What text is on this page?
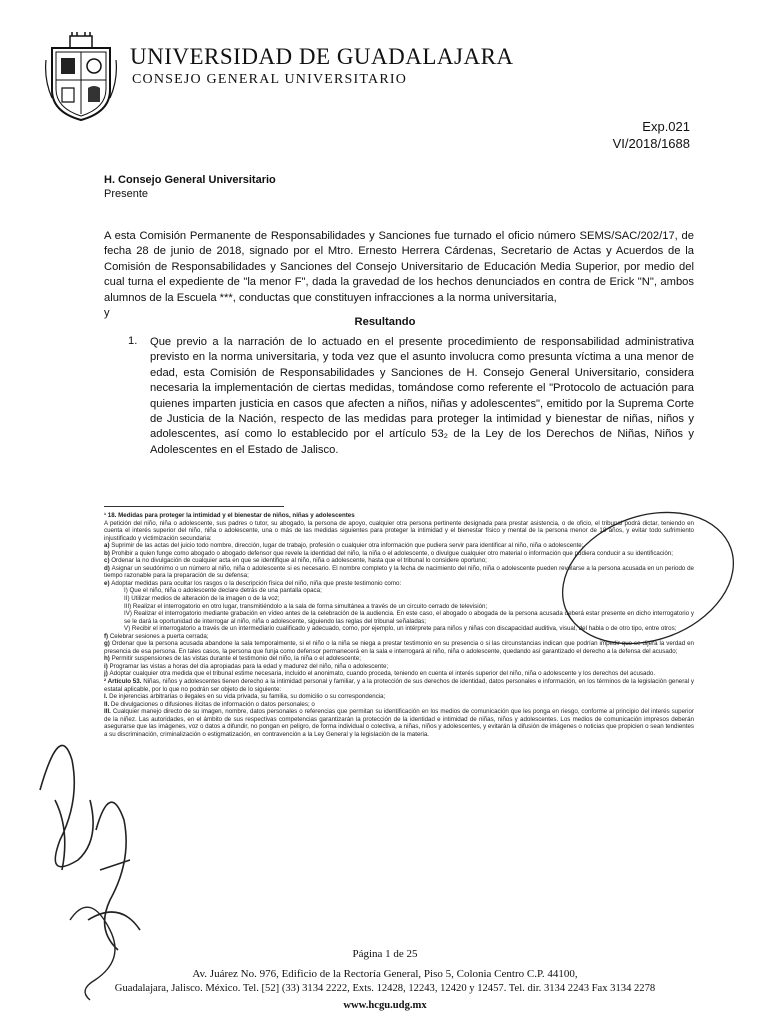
UNIVERSIDAD DE GUADALAJARA
CONSEJO GENERAL UNIVERSITARIO
Exp.021
VI/2018/1688
H. Consejo General Universitario
Presente
A esta Comisión Permanente de Responsabilidades y Sanciones fue turnado el oficio número SEMS/SAC/202/17, de fecha 28 de junio de 2018, signado por el Mtro. Ernesto Herrera Cárdenas, Secretario de Actas y Acuerdos de la Comisión de Responsabilidades y Sanciones del Consejo Universitario de Educación Media Superior, por medio del cual turna el expediente de "la menor F", dada la gravedad de los hechos denunciados en contra de Erick "N", ambos alumnos de la Escuela ***, conductas que constituyen infracciones a la norma universitaria,
y
Resultando
1. Que previo a la narración de lo actuado en el presente procedimiento de responsabilidad administrativa previsto en la norma universitaria, y toda vez que el asunto involucra como presunta víctima a una menor de edad, esta Comisión de Responsabilidades y Sanciones de H. Consejo General Universitario, considera necesaria la implementación de ciertas medidas, tomándose como referente el "Protocolo de actuación para quienes imparten justicia en casos que afecten a niños, niñas y adolescentes", emitido por la Suprema Corte de Justicia de la Nación, respecto de las medidas para proteger la intimidad y bienestar de niñas, niños y adolescentes, así como lo establecido por el artículo 53₂ de la Ley de los Derechos de Niñas, Niños y Adolescentes en el Estado de Jalisco.

¹ 18. Medidas para proteger la intimidad y el bienestar de niños, niñas y adolescentes

A petición del niño, niña o adolescente, sus padres o tutor, su abogado, la persona de apoyo, cualquier otra persona pertinente designada para prestar asistencia, o de oficio, el tribunal podrá dictar, teniendo en cuenta el interés superior del niño, niña o adolescente, una o más de las medidas siguientes para proteger la intimidad y el bienestar físico y mental de la persona menor de 18 años, y evitar todo sufrimiento injustificado y victimización secundaria:

a) Suprimir de las actas del juicio todo nombre, dirección, lugar de trabajo, profesión o cualquier otra información que pudiera servir para identificar al niño, niña o adolescente;

b) Prohibir a quien funge como abogado o abogado defensor que revele la identidad del niño, la niña o el adolescente, o divulgue cualquier otro material o información que pudiera conducir a su identificación;

c) Ordenar la no divulgación de cualquier acta en que se identifique al niño, niña o adolescente, hasta que el tribunal lo considere oportuno;

d) Asignar un seudónimo o un número al niño, niña o adolescente si es necesario. El nombre completo y la fecha de nacimiento del niño, niña o adolescente pueden revelarse a la persona acusada en un periodo de tiempo razonable para la preparación de su defensa;

e) Adoptar medidas para ocultar los rasgos o la descripción física del niño, niña que preste testimonio como:

I) Que el niño, niña o adolescente declare detrás de una pantalla opaca;

II) Utilizar medios de alteración de la imagen o de la voz;

III) Realizar el interrogatorio en otro lugar, transmitiéndolo a la sala de forma simultánea a través de un circuito cerrado de televisión;

IV) Realizar el interrogatorio mediante grabación en vídeo antes de la celebración de la audiencia. En este caso, el abogado o abogada de la persona acusada deberá estar presente en dicho interrogatorio y se le dará la oportunidad de interrogar al niño, niña o adolescente, siguiendo las reglas del tribunal señaladas;

V) Recibir el interrogatorio a través de un intermediario cualificado y adecuado, como, por ejemplo, un intérprete para niños y niñas con discapacidad auditiva, visual, del habla o de otro tipo, entre otros;

f) Celebrar sesiones a puerta cerrada;

g) Ordenar que la persona acusada abandone la sala temporalmente, si el niño o la niña se niega a prestar testimonio en su presencia o si las circunstancias indican que podrían impedir que se dijera la verdad en presencia de esa persona. En tales casos, la persona que funja como defensor permanecerá en la sala e interrogará al niño, niña o adolescente, quedando así garantizado el derecho a la defensa del acusado;

h) Permitir suspensiones de las vistas durante el testimonio del niño, la niña o el adolescente;

i) Programar las vistas a horas del día apropiadas para la edad y madurez del niño, niña o adolescente;

j) Adoptar cualquier otra medida que el tribunal estime necesaria, incluido el anonimato, cuando proceda, teniendo en cuenta el interés superior del niño, niña o adolescente y los derechos del acusado.

² Artículo 53. Niñas, niños y adolescentes tienen derecho a la intimidad personal y familiar, y a la protección de sus derechos de identidad, datos personales e información, en los términos de la legislación general y estatal aplicable, por lo que no podrán ser objeto de lo siguiente:

I. De injerencias arbitrarias o ilegales en su vida privada, su familia, su domicilio o su correspondencia;

II. De divulgaciones o difusiones ilícitas de información o datos personales; o

III. Cualquier manejo directo de su imagen, nombre, datos personales o referencias que permitan su identificación en los medios de comunicación que les ponga en riesgo, conforme al principio del interés superior de la niñez. Las autoridades, en el ámbito de sus respectivas competencias garantizarán la protección de la identidad e intimidad de niñas, niños y adolescentes. Los medios de comunicación impresos deberán asegurarse que las imágenes, voz o datos a difundir, no pongan en peligro, de forma individual o colectiva, a niñas, niños y adolescentes, y evitarán la difusión de imágenes o noticias que propicien o sean tendientes a su discriminación, criminalización o estigmatización, en contravención a la Ley General y la legislación de la materia.

Página 1 de 25
Av. Juárez No. 976, Edificio de la Rectoría General, Piso 5, Colonia Centro C.P. 44100,
Guadalajara, Jalisco. México. Tel. [52] (33) 3134 2222, Exts. 12428, 12243, 12420 y 12457. Tel. dir. 3134 2243 Fax 3134 2278
www.hcgu.udg.mx
